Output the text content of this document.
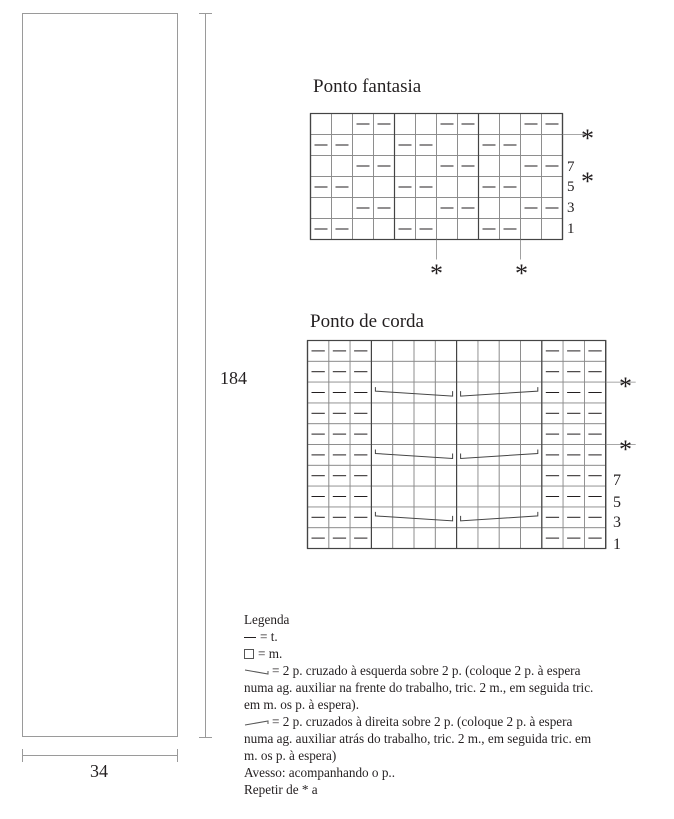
184
34
Ponto fantasia
7
5
3
1
*
*
*	*
Ponto de corda
*
*
7
5
3
1
Legenda
= t.
= m.
= 2 p. cruzado à esquerda sobre 2 p. (coloque 2 p. à espera
numa ag. auxiliar na frente do trabalho, tric. 2 m., em seguida tric.
em m. os p. à espera).
= 2 p. cruzados à direita sobre 2 p. (coloque 2 p. à espera
numa ag. auxiliar atrás do trabalho, tric. 2 m., em seguida tric. em
m. os p. à espera)
Avesso: acompanhando o p..
Repetir de * a
